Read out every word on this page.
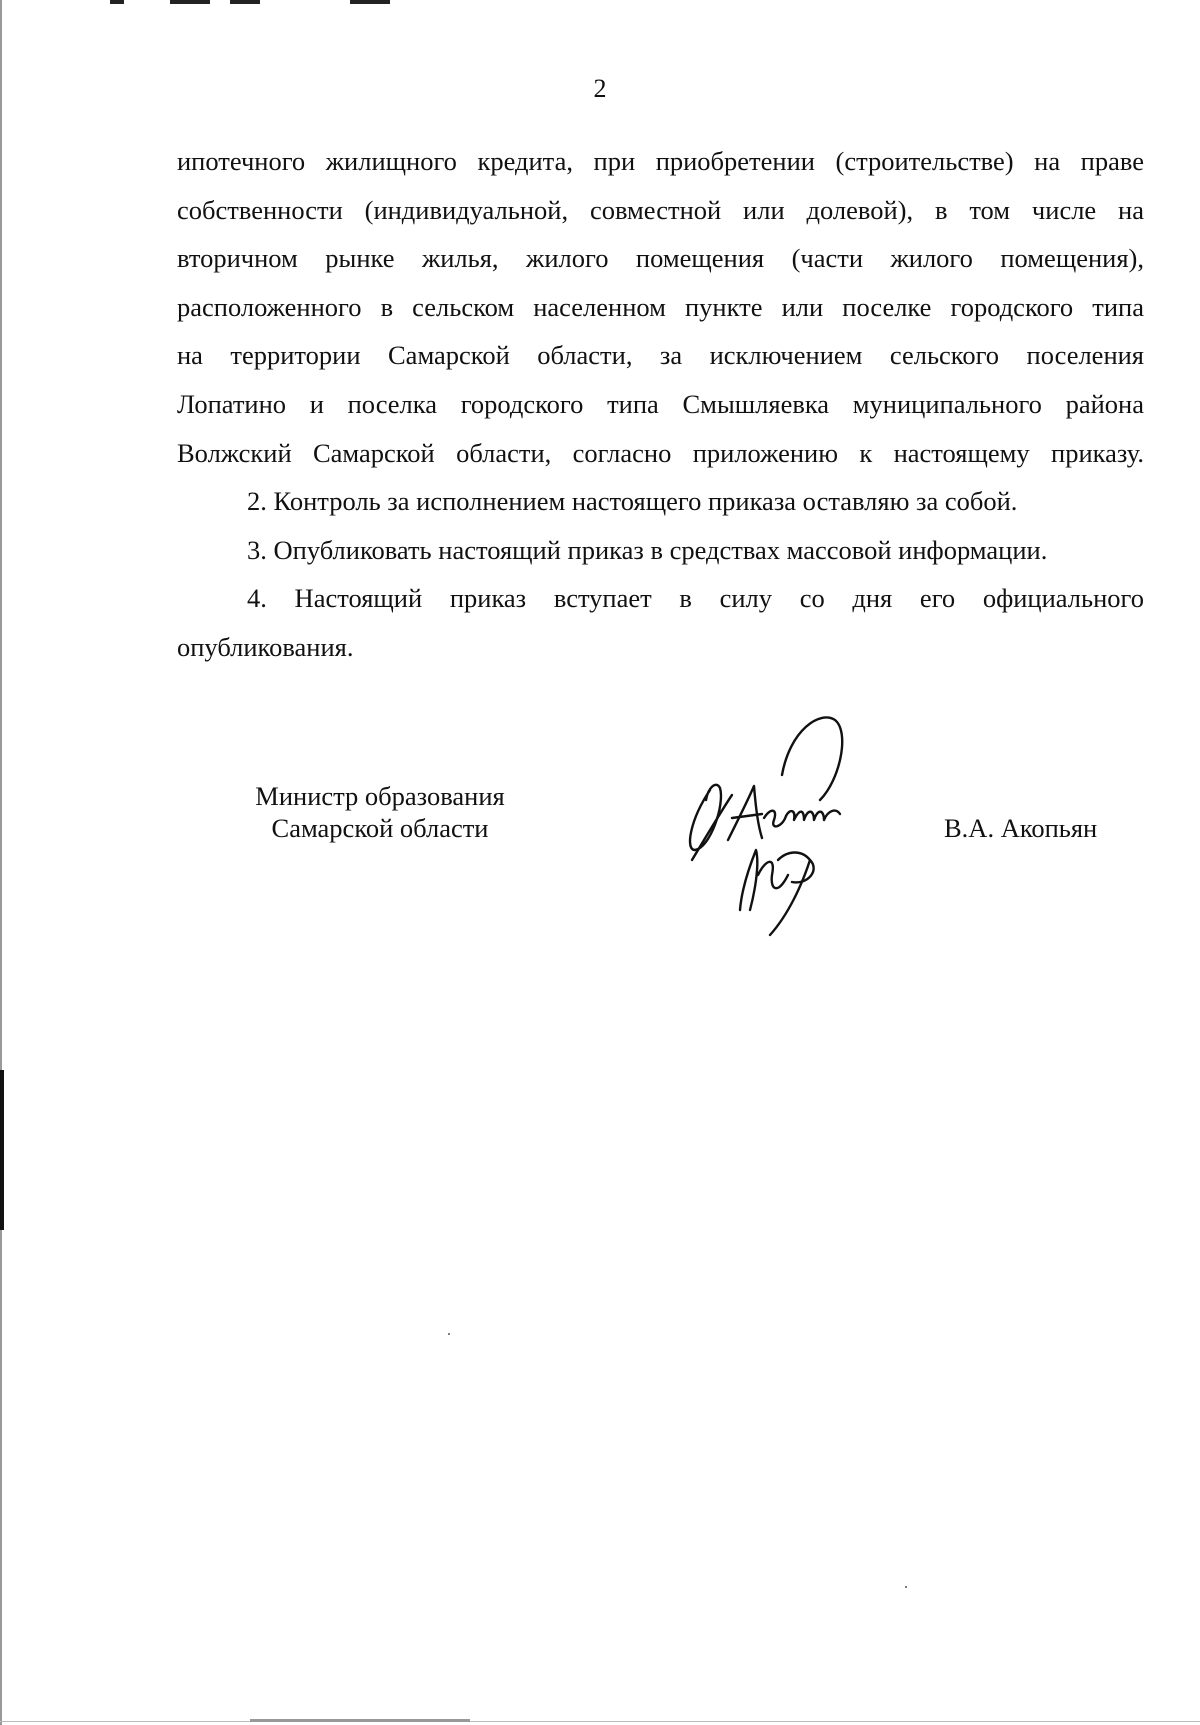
2
ипотечного жилищного кредита, при приобретении (строительстве) на праве
собственности (индивидуальной, совместной или долевой), в том числе на
вторичном рынке жилья, жилого помещения (части жилого помещения),
расположенного в сельском населенном пункте или поселке городского типа
на территории Самарской области, за исключением сельского поселения
Лопатино и поселка городского типа Смышляевка муниципального района
Волжский Самарской области, согласно приложению к настоящему приказу.
2. Контроль за исполнением настоящего приказа оставляю за собой.
3. Опубликовать настоящий приказ в средствах массовой информации.
4. Настоящий приказ вступает в силу со дня его официального
опубликования.
Министр образования
Самарской области	В.А. Акопьян
